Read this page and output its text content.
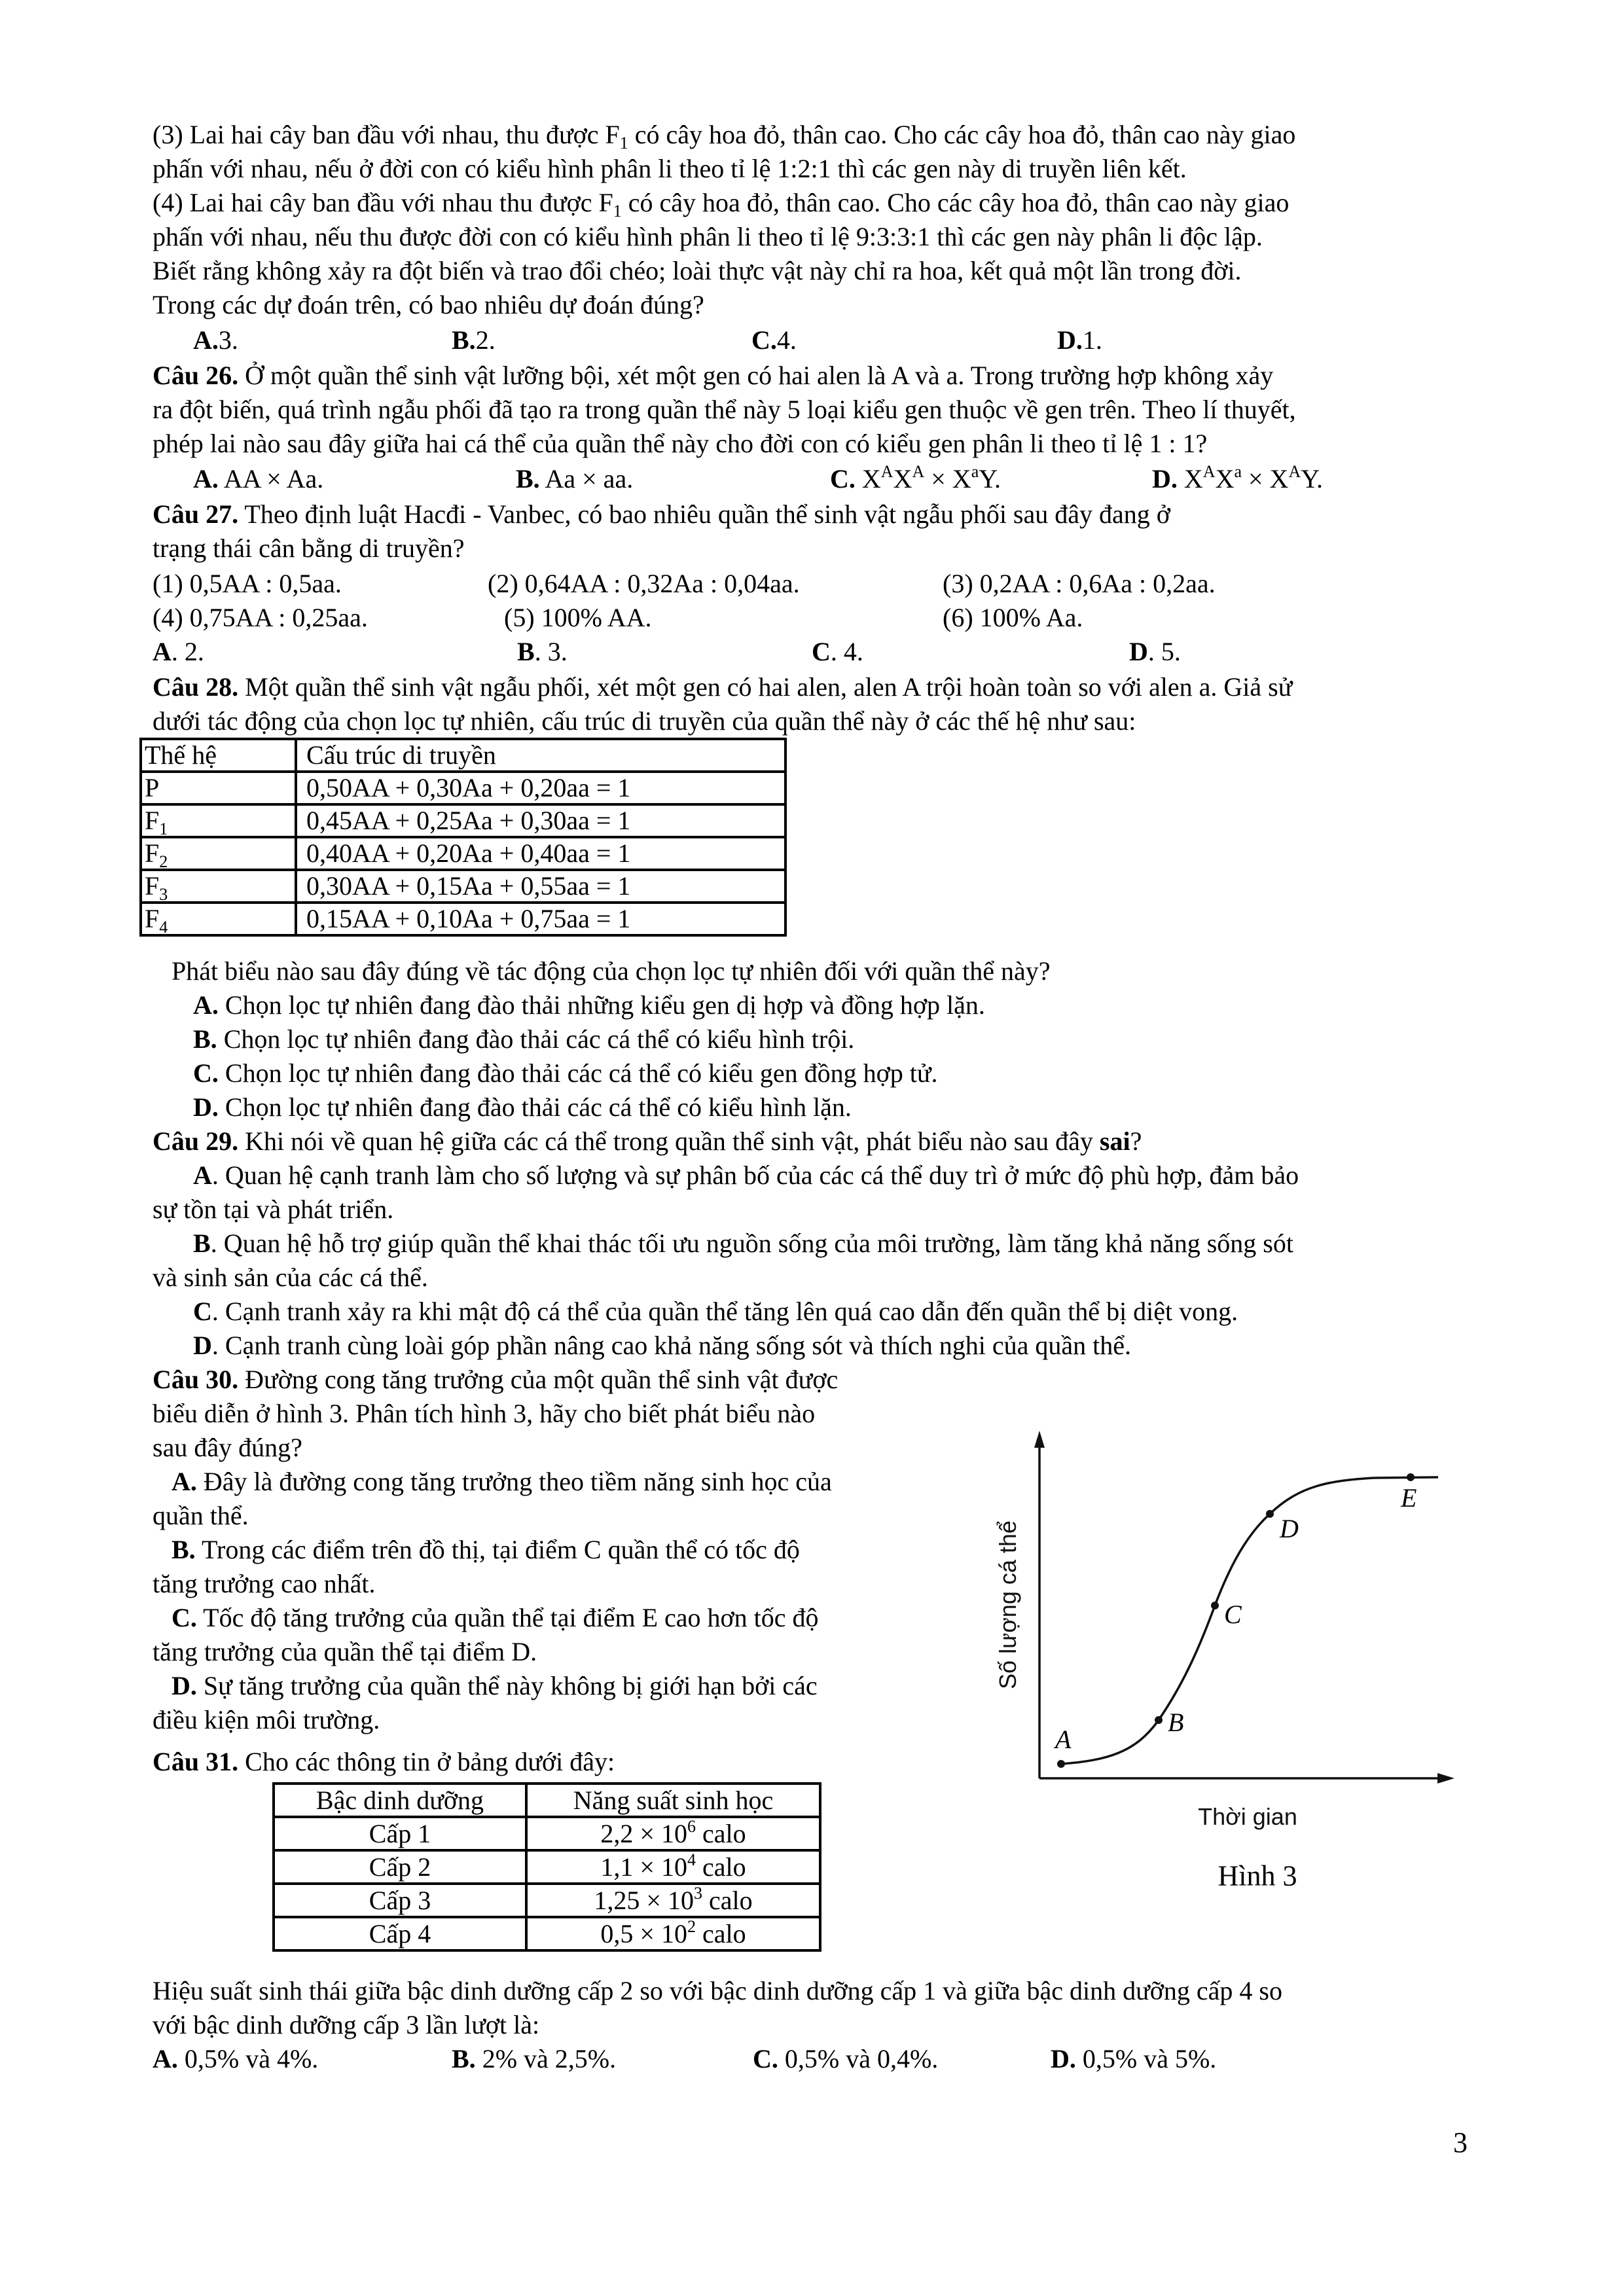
(3) Lai hai cây ban đầu với nhau, thu được $F_1$ có cây hoa đỏ, thân cao. Cho các cây hoa đỏ, thân cao này giao
phấn với nhau, nếu ở đời con có kiểu hình phân li theo tỉ lệ 1:2:1 thì các gen này di truyền liên kết.
(4) Lai hai cây ban đầu với nhau thu được $F_1$ có cây hoa đỏ, thân cao. Cho các cây hoa đỏ, thân cao này giao
phấn với nhau, nếu thu được đời con có kiểu hình phân li theo tỉ lệ 9:3:3:1 thì các gen này phân li độc lập.
Biết rằng không xảy ra đột biến và trao đổi chéo; loài thực vật này chỉ ra hoa, kết quả một lần trong đời.
Trong các dự đoán trên, có bao nhiêu dự đoán đúng?
A.3.	B.2.	C.4.	D.1.
Câu 26. Ở một quần thể sinh vật lưỡng bội, xét một gen có hai alen là A và a. Trong trường hợp không xảy
ra đột biến, quá trình ngẫu phối đã tạo ra trong quần thể này 5 loại kiểu gen thuộc về gen trên. Theo lí thuyết,
phép lai nào sau đây giữa hai cá thể của quần thể này cho đời con có kiểu gen phân li theo tỉ lệ 1 : 1?
A. AA × Aa.	B. Aa × aa.	C. $X^AX^A \times X^aY$.	D. $X^AX^a \times X^AY$.
Câu 27. Theo định luật Hacđi - Vanbec, có bao nhiêu quần thể sinh vật ngẫu phối sau đây đang ở
trạng thái cân bằng di truyền?
(1) 0,5AA : 0,5aa.	(2) 0,64AA : 0,32Aa : 0,04aa.	(3) 0,2AA : 0,6Aa : 0,2aa.
(4) 0,75AA : 0,25aa.	(5) 100% AA.	(6) 100% Aa.
A. 2.	B. 3.	C. 4.	D. 5.
Câu 28. Một quần thể sinh vật ngẫu phối, xét một gen có hai alen, alen A trội hoàn toàn so với alen a. Giả sử
dưới tác động của chọn lọc tự nhiên, cấu trúc di truyền của quần thể này ở các thế hệ như sau:
Thế hệ	Cấu trúc di truyền
P	0,50AA + 0,30Aa + 0,20aa = 1
$F_1$	0,45AA + 0,25Aa + 0,30aa = 1
$F_2$	0,40AA + 0,20Aa + 0,40aa = 1
$F_3$	0,30AA + 0,15Aa + 0,55aa = 1
$F_4$	0,15AA + 0,10Aa + 0,75aa = 1
Phát biểu nào sau đây đúng về tác động của chọn lọc tự nhiên đối với quần thể này?
A. Chọn lọc tự nhiên đang đào thải những kiểu gen dị hợp và đồng hợp lặn.
B. Chọn lọc tự nhiên đang đào thải các cá thể có kiểu hình trội.
C. Chọn lọc tự nhiên đang đào thải các cá thể có kiểu gen đồng hợp tử.
D. Chọn lọc tự nhiên đang đào thải các cá thể có kiểu hình lặn.
Câu 29. Khi nói về quan hệ giữa các cá thể trong quần thể sinh vật, phát biểu nào sau đây sai?
A. Quan hệ cạnh tranh làm cho số lượng và sự phân bố của các cá thể duy trì ở mức độ phù hợp, đảm bảo
sự tồn tại và phát triển.
B. Quan hệ hỗ trợ giúp quần thể khai thác tối ưu nguồn sống của môi trường, làm tăng khả năng sống sót
và sinh sản của các cá thể.
C. Cạnh tranh xảy ra khi mật độ cá thể của quần thể tăng lên quá cao dẫn đến quần thể bị diệt vong.
D. Cạnh tranh cùng loài góp phần nâng cao khả năng sống sót và thích nghi của quần thể.
Câu 30. Đường cong tăng trưởng của một quần thể sinh vật được
biểu diễn ở hình 3. Phân tích hình 3, hãy cho biết phát biểu nào
sau đây đúng?
A. Đây là đường cong tăng trưởng theo tiềm năng sinh học của
quần thể.
B. Trong các điểm trên đồ thị, tại điểm C quần thể có tốc độ
tăng trưởng cao nhất.
C. Tốc độ tăng trưởng của quần thể tại điểm E cao hơn tốc độ
tăng trưởng của quần thể tại điểm D.
D. Sự tăng trưởng của quần thể này không bị giới hạn bởi các
điều kiện môi trường.
Số lượng cá thể
Thời gian
A
B
C
D
E
Hình 3
Câu 31. Cho các thông tin ở bảng dưới đây:
Bậc dinh dưỡng	Năng suất sinh học
Cấp 1	$2,2 \times 10^6$ calo
Cấp 2	$1,1 \times 10^4$ calo
Cấp 3	$1,25 \times 10^3$ calo
Cấp 4	$0,5 \times 10^2$ calo
Hiệu suất sinh thái giữa bậc dinh dưỡng cấp 2 so với bậc dinh dưỡng cấp 1 và giữa bậc dinh dưỡng cấp 4 so
với bậc dinh dưỡng cấp 3 lần lượt là:
A. 0,5% và 4%.	B. 2% và 2,5%.	C. 0,5% và 0,4%.	D. 0,5% và 5%.
3
